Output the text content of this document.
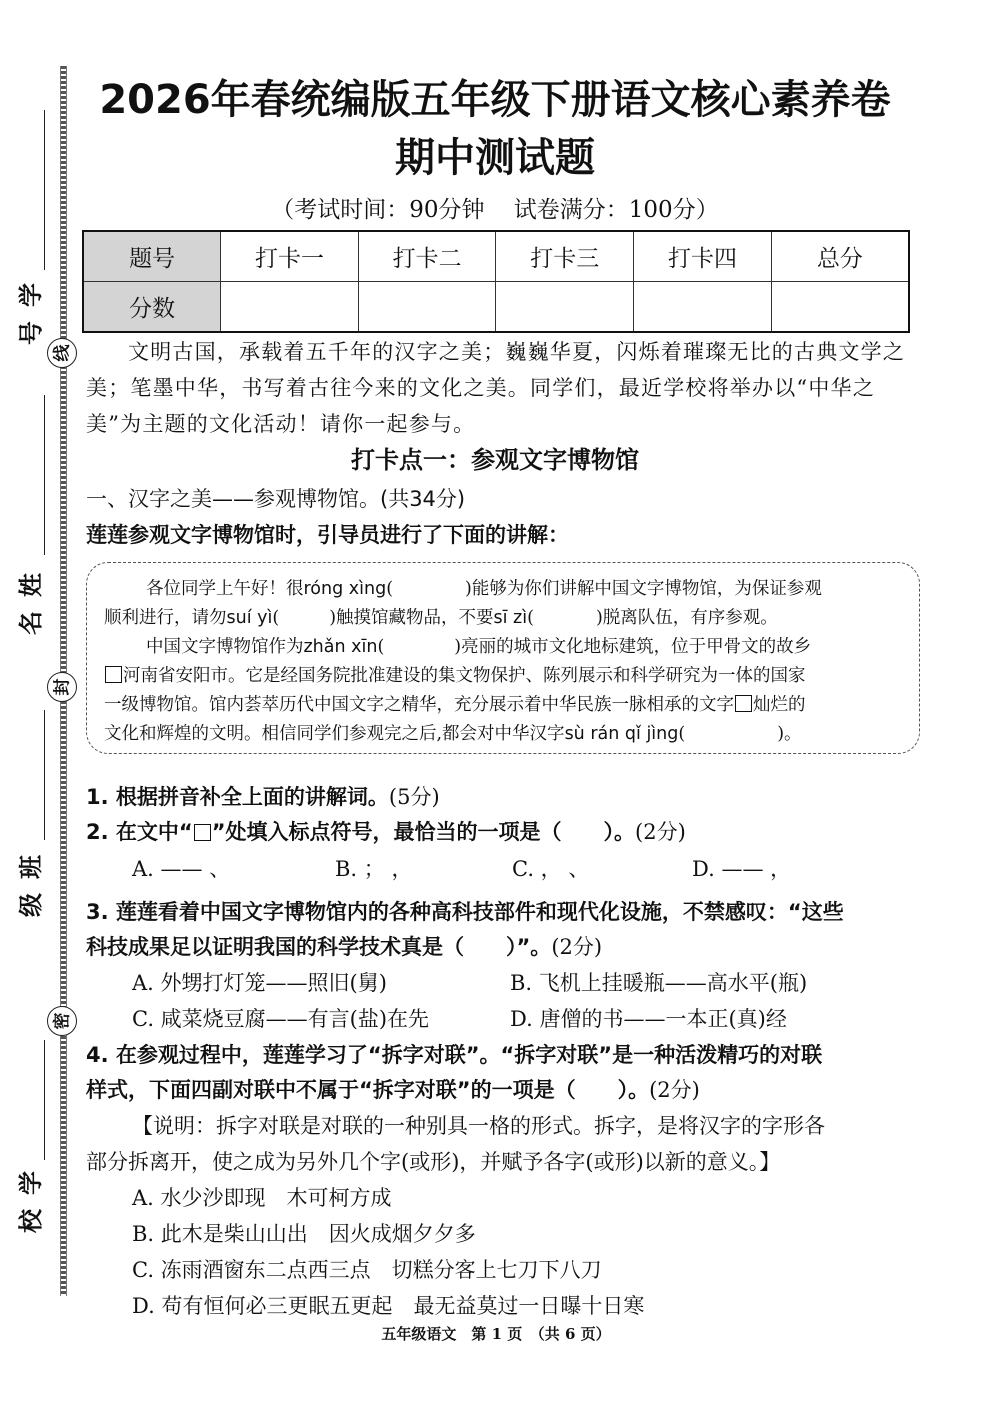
学
号
姓
名
班
级
学
校
线
封
密
2026年春统编版五年级下册语文核心素养卷
期中测试题
（考试时间：90分钟    试卷满分：100分）
题号	打卡一	打卡二	打卡三	打卡四	总分
分数					
文明古国，承载着五千年的汉字之美；巍巍华夏，闪烁着璀璨无比的古典文学之美；笔墨中华，书写着古往今来的文化之美。同学们，最近学校将举办以“中华之美”为主题的文化活动！请你一起参与。
打卡点一：参观文字博物馆
一、汉字之美——参观博物馆。(共34分)
莲莲参观文字博物馆时，引导员进行了下面的讲解：
各位同学上午好！很róng xìng(	)能够为你们讲解中国文字博物馆，为保证参观
顺利进行，请勿suí yì(	)触摸馆藏物品，不要sī zì(	)脱离队伍，有序参观。
中国文字博物馆作为zhǎn xīn(	)亮丽的城市文化地标建筑，位于甲骨文的故乡
河南省安阳市。它是经国务院批准建设的集文物保护、陈列展示和科学研究为一体的国家
一级博物馆。馆内荟萃历代中国文字之精华，充分展示着中华民族一脉相承的文字 灿烂的
文化和辉煌的文明。相信同学们参观完之后,都会对中华汉字sù rán qǐ jìng(	)。
1. 根据拼音补全上面的讲解词。(5分)
2. 在文中“ ”处填入标点符号，最恰当的一项是（　　）。(2分)
A. —— 、	B. ； ，	C. ， 、	D. —— ，
3. 莲莲看着中国文字博物馆内的各种高科技部件和现代化设施，不禁感叹：“这些
科技成果足以证明我国的科学技术真是（　　）”。(2分)
A. 外甥打灯笼——照旧(舅)	B. 飞机上挂暖瓶——高水平(瓶)
C. 咸菜烧豆腐——有言(盐)在先	D. 唐僧的书——一本正(真)经
4. 在参观过程中，莲莲学习了“拆字对联”。“拆字对联”是一种活泼精巧的对联
样式，下面四副对联中不属于“拆字对联”的一项是（　　）。(2分)
【说明：拆字对联是对联的一种别具一格的形式。拆字，是将汉字的字形各
部分拆离开，使之成为另外几个字(或形)，并赋予各字(或形)以新的意义。】
A. 水少沙即现　木可柯方成
B. 此木是柴山山出　因火成烟夕夕多
C. 冻雨酒窗东二点西三点　切糕分客上七刀下八刀
D. 苟有恒何必三更眠五更起　最无益莫过一日曝十日寒
五年级语文　第 1 页　（共 6 页）
